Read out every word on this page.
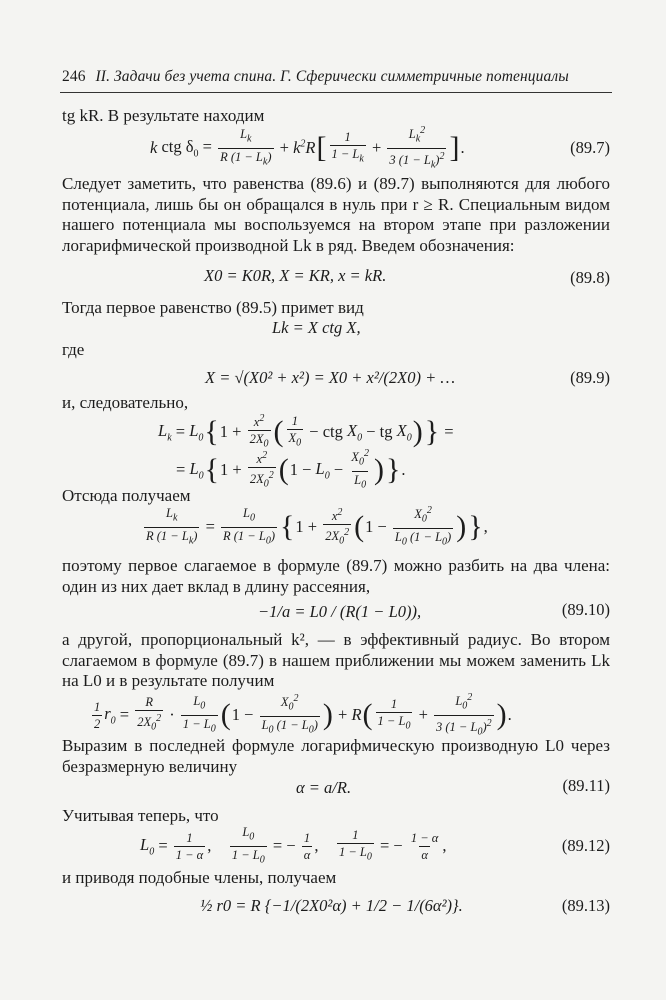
246 II. Задачи без учета спина. Г. Сферически симметричные потенциалы
tg kR. В результате находим
k ctg $\delta_0 = \frac{L_k}{R (1 - L_k)} + k^2R$ [ 1
$1 - L_k$
+ $\frac{L_k^2}{3 (1 - L_k)^2}$ ] .	(89.7)
Следует заметить, что равенства (89.6) и (89.7) выполняются для любого потенциала, лишь бы он обращался в нуль при r ≥ R. Специальным видом нашего потенциала мы воспользуемся на втором этапе при разложении логарифмической производной Lk в ряд. Введем обозначения:
X0 = K0R, X = KR, x = kR.	(89.8)
Тогда первое равенство (89.5) примет вид
Lk = X ctg X,
где
X = √(X0² + x²) = X0 + x²/(2X0) + …	(89.9)
и, следовательно,
$L_k = L_0$ { $1 + \frac{x^2}{2X_0}$ ( 1
$X_0$
− ctg $X_0$ − tg $X_0$ ) } =
= $L_0$ { $1 + \frac{x^2}{2X_0^2}$ ( $1 - L_0 - \frac{X_0^2}{L_0}$ ) } .
Отсюда получаем
$\frac{L_k}{R (1 - L_k)} = \frac{L_0}{R (1 - L_0)}$ { $1 + \frac{x^2}{2X_0^2}$ ( $1 - \frac{X_0^2}{L_0 (1 - L_0)}$ ) } ,
поэтому первое слагаемое в формуле (89.7) можно разбить на два члена: один из них дает вклад в длину рассеяния,
−1/a = L0 / (R(1 − L0)),	(89.10)
а другой, пропорциональный k², — в эффективный радиус. Во втором слагаемом в формуле (89.7) в нашем приближении мы можем заменить Lk на L0 и в результате получим
1
2
$r_0 = \frac{R}{2X_0^2}$ ·
$L_0$
$1 - L_0$ ( $1 - \frac{X_0^2}{L_0 (1 - L_0)}$ ) + R ( 1
$1 - L_0$
+ $\frac{L_0^2}{3 (1 - L_0)^2}$ ) .
Выразим в последней формуле логарифмическую производную L0 через безразмерную величину
α = a/R.	(89.11)
Учитывая теперь, что
$L_0 = \frac{1}{1 - \alpha}$ , $\frac{L_0}{1 - L_0}$ = − $\frac{1}{\alpha}$ , $\frac{1}{1 - L_0}$ = − $\frac{1 - \alpha}{\alpha}$ ,	(89.12)
и приводя подобные члены, получаем
½ r0 = R {−1/(2X0²α) + 1/2 − 1/(6α²)}.	(89.13)
